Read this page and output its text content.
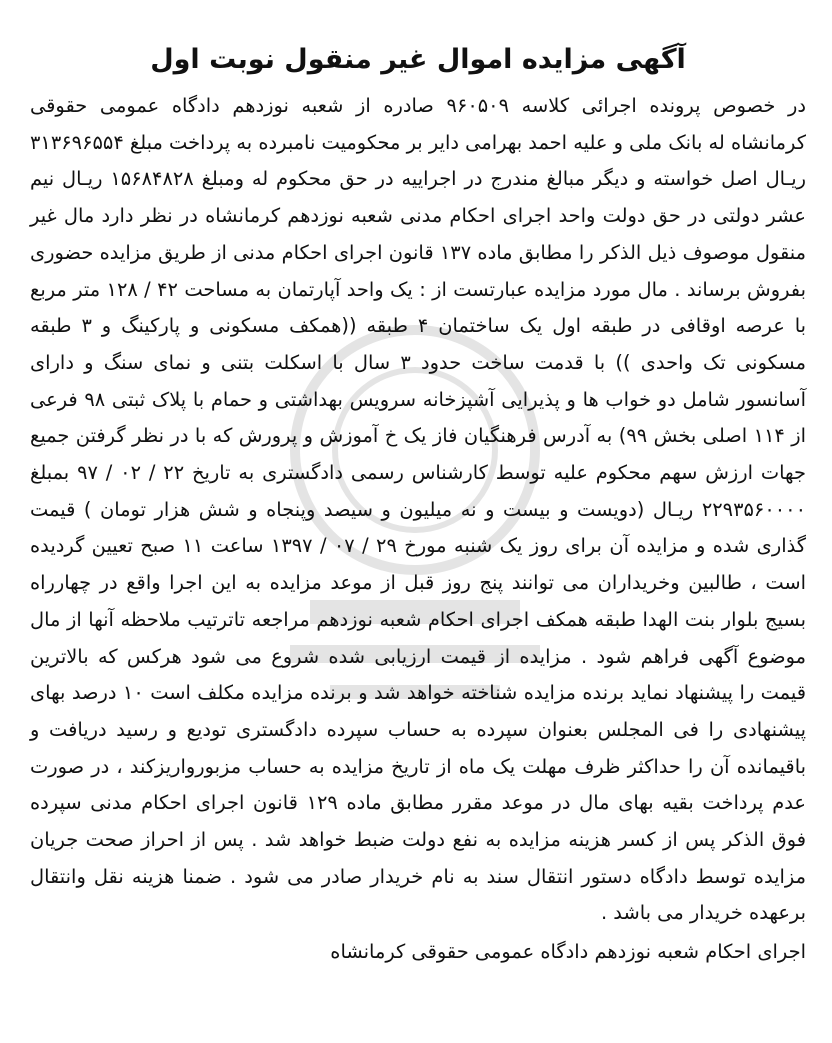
آگهی مزایده اموال غیر منقول نوبت اول

در خصوص پرونده اجرائی کلاسه ۹۶۰۵۰۹ صادره از شعبه نوزدهم دادگاه عمومی حقوقی کرمانشاه له بانک ملی و علیه احمد بهرامی دایر بر محکومیت نامبرده به پرداخت مبلغ ۳۱۳۶۹۶۵۵۴ ریـال اصل خواسته و دیگر مبالغ مندرج در اجراییه در حق محکوم له ومبلغ ۱۵۶۸۴۸۲۸ ریـال نیم عشر دولتی در حق دولت واحد اجرای احکام مدنی شعبه نوزدهم کرمانشاه در نظر دارد مال غیر منقول موصوف ذیل الذکر را مطابق ماده ۱۳۷ قانون اجرای احکام مدنی از طریق مزایده حضوری بفروش برساند . مال مورد مزایده عبارتست از : یک واحد آپارتمان به مساحت ۴۲ / ۱۲۸ متر مربع با عرصه اوقافی در طبقه اول یک ساختمان ۴ طبقه ((همکف مسکونی و پارکینگ و ۳ طبقه مسکونی تک واحدی )) با قدمت ساخت حدود ۳ سال با اسکلت بتنی و نمای سنگ و دارای آسانسور شامل دو خواب ها و پذیرایی آشپزخانه سرویس بهداشتی و حمام با پلاک ثبتی ۹۸ فرعی از ۱۱۴ اصلی بخش ۹۹) به آدرس فرهنگیان فاز یک خ آموزش و پرورش که با در نظر گرفتن جمیع جهات ارزش سهم محکوم علیه توسط کارشناس رسمی دادگستری به تاریخ ۲۲ / ۰۲ / ۹۷ بمبلغ ۲۲۹۳۵۶۰۰۰۰ ریـال (دویست و بیست و نه میلیون و سیصد وپنجاه و شش هزار تومان ) قیمت گذاری شده و مزایده آن برای روز یک شنبه مورخ ۲۹ / ۰۷ / ۱۳۹۷ ساعت ۱۱ صبح تعیین گردیده است ، طالبین وخریداران می توانند پنج روز قبل از موعد مزایده به این اجرا واقع در چهارراه بسیج بلوار بنت الهدا طبقه همکف اجرای احکام شعبه نوزدهم مراجعه تاترتیب ملاحظه آنها از مال موضوع آگهی فراهم شود . مزایده از قیمت ارزیابی شده شروع می شود هرکس که بالاترین قیمت را پیشنهاد نماید برنده مزایده شناخته خواهد شد و برنده مزایده مکلف است ۱۰ درصد بهای پیشنهادی را فی المجلس بعنوان سپرده به حساب سپرده دادگستری تودیع و رسید دریافت و باقیمانده آن را حداکثر ظرف مهلت یک ماه از تاریخ مزایده به حساب مزبورواریزکند ، در صورت عدم پرداخت بقیه بهای مال در موعد مقرر مطابق ماده ۱۲۹ قانون اجرای احکام مدنی سپرده فوق الذکر پس از کسر هزینه مزایده به نفع دولت ضبط خواهد شد . پس از احراز صحت جریان مزایده توسط دادگاه دستور انتقال سند به نام خریدار صادر می شود . ضمنا هزینه نقل وانتقال برعهده خریدار می باشد .

اجرای احکام شعبه نوزدهم دادگاه عمومی حقوقی کرمانشاه
